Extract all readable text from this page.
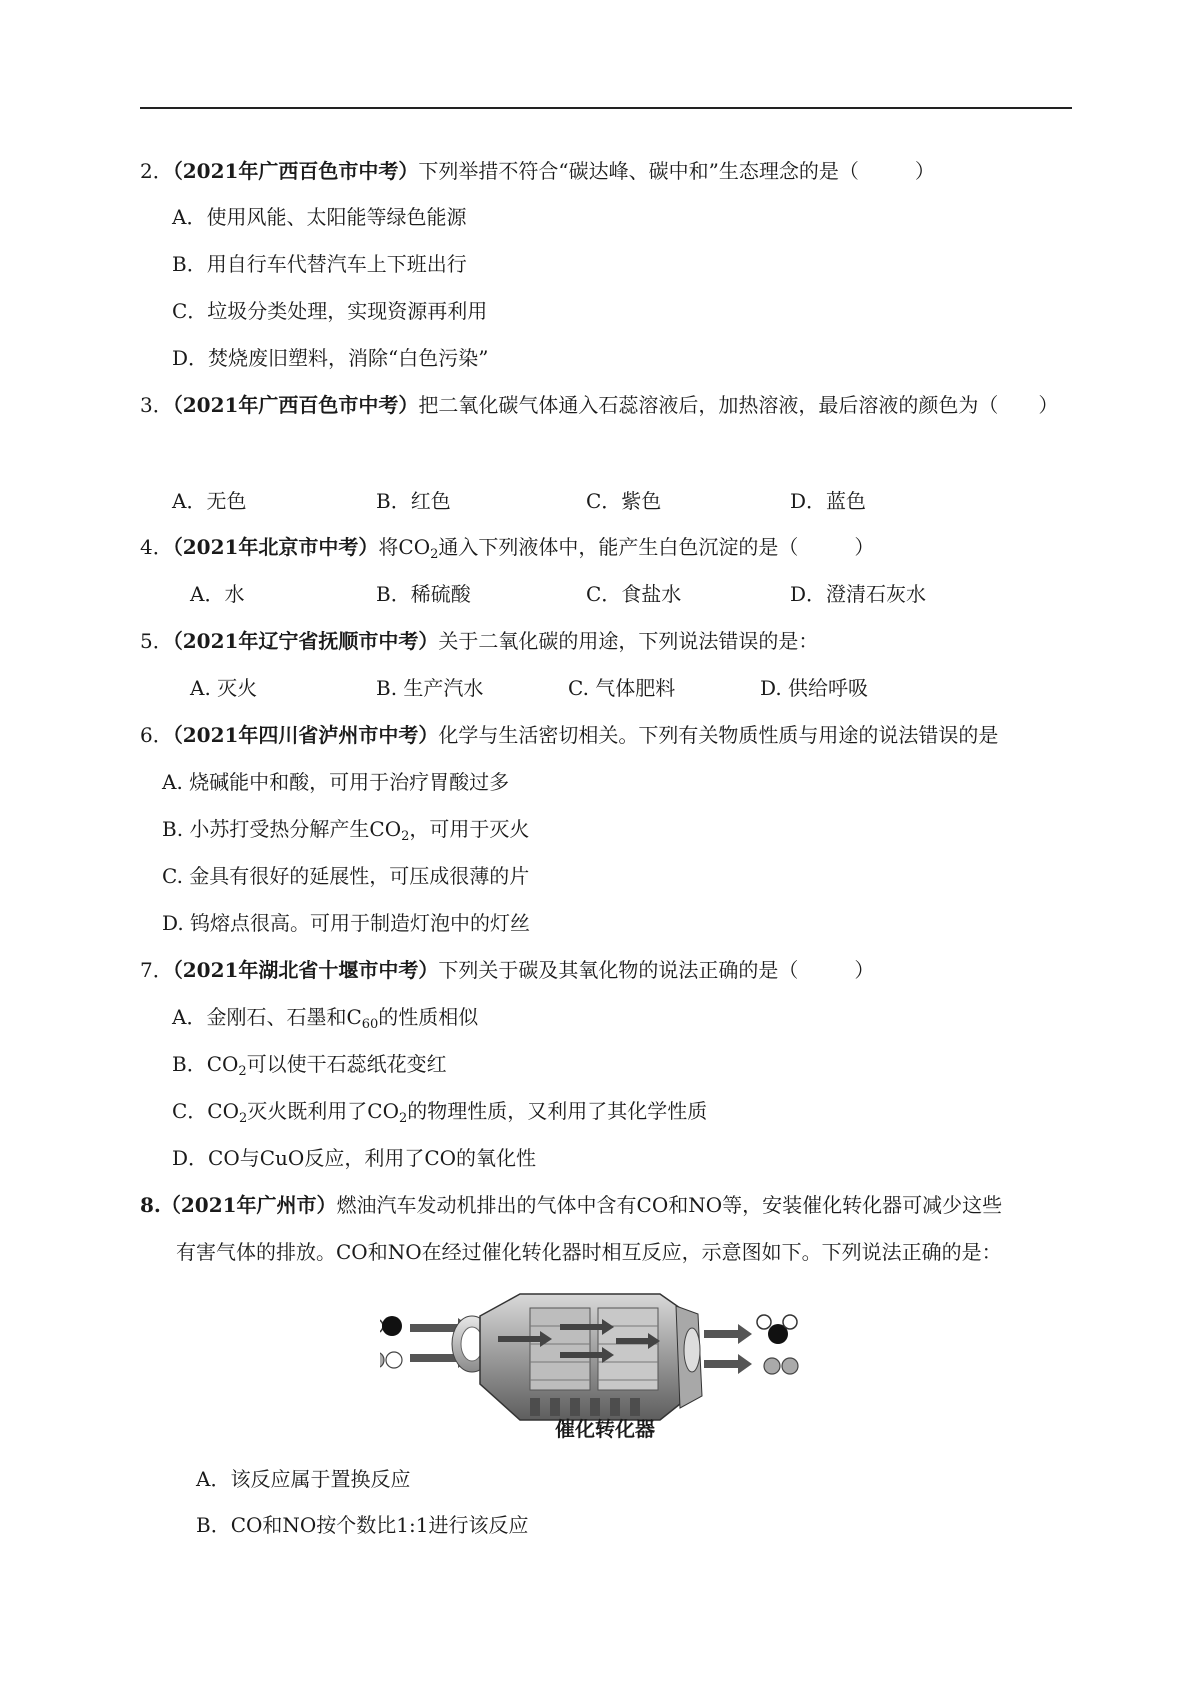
2．（2021年广西百色市中考）下列举措不符合“碳达峰、碳中和”生态理念的是（	）
A．使用风能、太阳能等绿色能源
B．用自行车代替汽车上下班出行
C．垃圾分类处理，实现资源再利用
D．焚烧废旧塑料，消除“白色污染”
3．（2021年广西百色市中考）把二氧化碳气体通入石蕊溶液后，加热溶液，最后溶液的颜色为（ ）
A．无色	B．红色	C．紫色	D．蓝色
4．（2021年北京市中考）将$CO_2$通入下列液体中，能产生白色沉淀的是（	）
A．水	B．稀硫酸	C．食盐水	D．澄清石灰水
5．（2021年辽宁省抚顺市中考）关于二氧化碳的用途，下列说法错误的是：
A. 灭火	B. 生产汽水	C. 气体肥料	D. 供给呼吸
6．（2021年四川省泸州市中考）化学与生活密切相关。下列有关物质性质与用途的说法错误的是
A. 烧碱能中和酸，可用于治疗胃酸过多
B. 小苏打受热分解产生$CO_2$，可用于灭火
C. 金具有很好的延展性，可压成很薄的片
D. 钨熔点很高。可用于制造灯泡中的灯丝
7．（2021年湖北省十堰市中考）下列关于碳及其氧化物的说法正确的是（	）
A．金刚石、石墨和$C_{60}$的性质相似
B．$CO_2$可以使干石蕊纸花变红
C．$CO_2$灭火既利用了$CO_2$的物理性质，又利用了其化学性质
D．CO与CuO反应，利用了CO的氧化性
8.（2021年广州市）燃油汽车发动机排出的气体中含有CO和NO等，安装催化转化器可减少这些
有害气体的排放。CO和NO在经过催化转化器时相互反应，示意图如下。下列说法正确的是：
催化转化器
A．该反应属于置换反应
B．CO和NO按个数比1:1进行该反应
